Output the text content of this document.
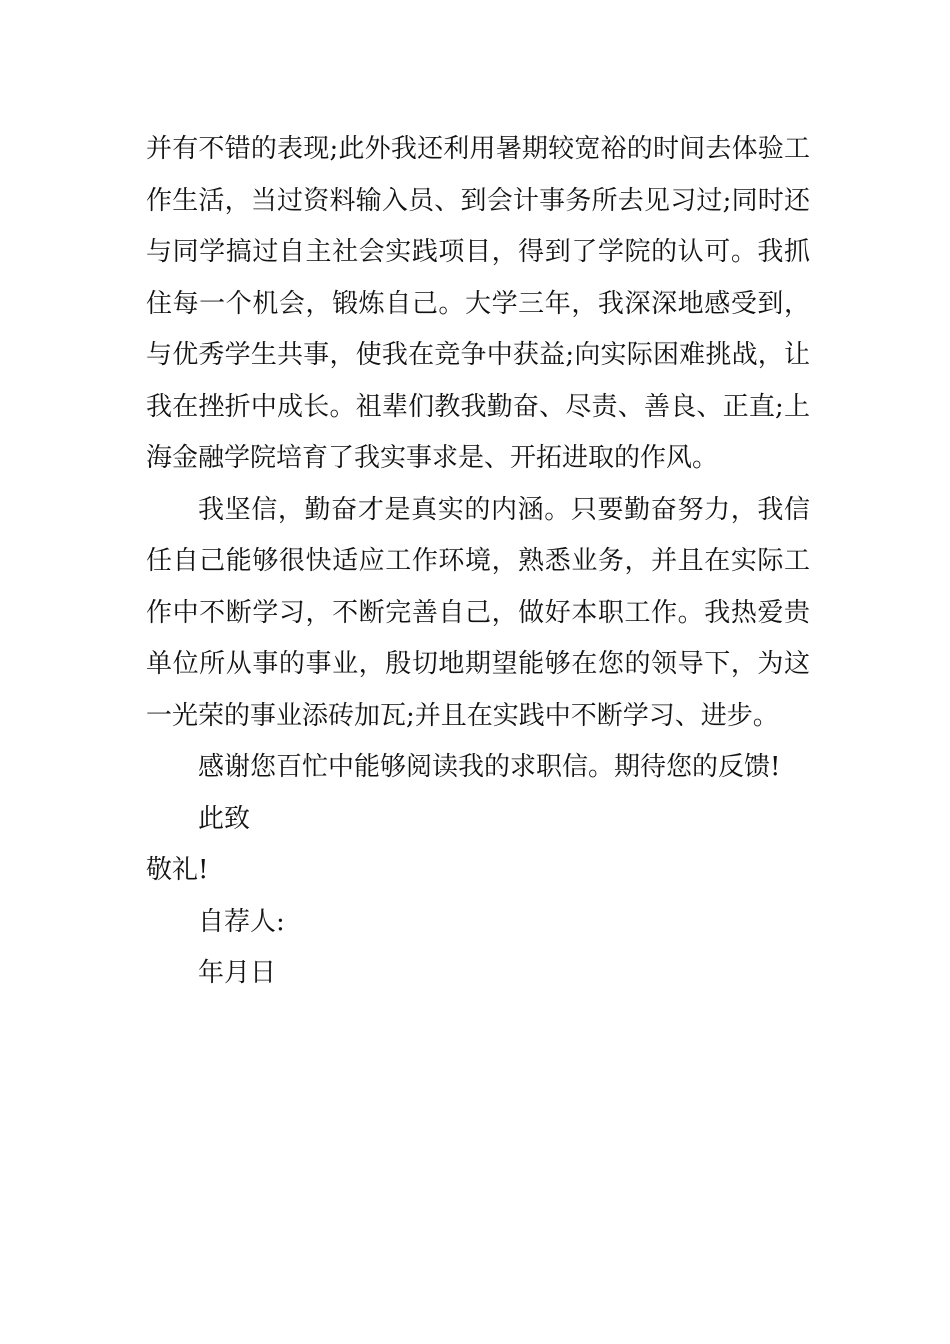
并有不错的表现;此外我还利用暑期较宽裕的时间去体验工
作生活，当过资料输入员、到会计事务所去见习过;同时还
与同学搞过自主社会实践项目，得到了学院的认可。我抓
住每一个机会，锻炼自己。大学三年，我深深地感受到，
与优秀学生共事，使我在竞争中获益;向实际困难挑战，让
我在挫折中成长。祖辈们教我勤奋、尽责、善良、正直;上
海金融学院培育了我实事求是、开拓进取的作风。
我坚信，勤奋才是真实的内涵。只要勤奋努力，我信
任自己能够很快适应工作环境，熟悉业务，并且在实际工
作中不断学习，不断完善自己，做好本职工作。我热爱贵
单位所从事的事业，殷切地期望能够在您的领导下，为这
一光荣的事业添砖加瓦;并且在实践中不断学习、进步。
感谢您百忙中能够阅读我的求职信。期待您的反馈!
此致
敬礼!
自荐人:
年月日
